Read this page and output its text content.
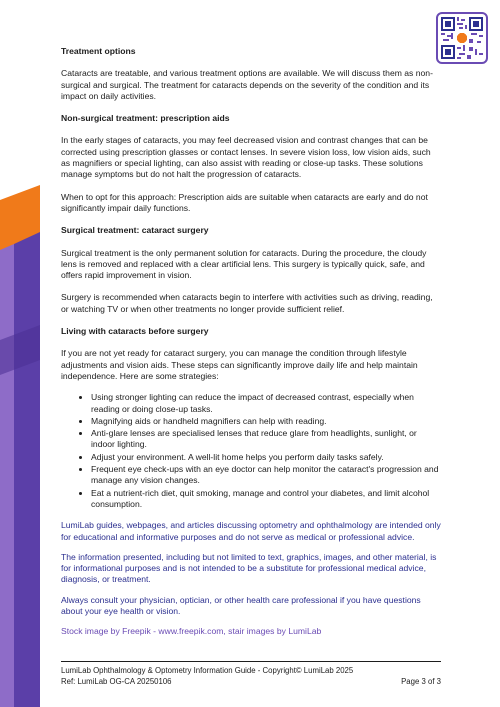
Treatment options
Cataracts are treatable, and various treatment options are available. We will discuss them as non-surgical and surgical. The treatment for cataracts depends on the severity of the condition and its impact on daily activities.
Non-surgical treatment: prescription aids
In the early stages of cataracts, you may feel decreased vision and contrast changes that can be corrected using prescription glasses or contact lenses. In severe vision loss, low vision aids, such as magnifiers or special lighting, can also assist with reading or close-up tasks. These solutions manage symptoms but do not halt the progression of cataracts.
When to opt for this approach: Prescription aids are suitable when cataracts are early and do not significantly impair daily functions.
Surgical treatment: cataract surgery
Surgical treatment is the only permanent solution for cataracts. During the procedure, the cloudy lens is removed and replaced with a clear artificial lens. This surgery is typically quick, safe, and offers rapid improvement in vision.
Surgery is recommended when cataracts begin to interfere with activities such as driving, reading, or watching TV or when other treatments no longer provide sufficient relief.
Living with cataracts before surgery
If you are not yet ready for cataract surgery, you can manage the condition through lifestyle adjustments and vision aids. These steps can significantly improve daily life and help maintain independence. Here are some strategies:
• Using stronger lighting can reduce the impact of decreased contrast, especially when reading or doing close-up tasks.
• Magnifying aids or handheld magnifiers can help with reading.
• Anti-glare lenses are specialised lenses that reduce glare from headlights, sunlight, or indoor lighting.
• Adjust your environment. A well-lit home helps you perform daily tasks safely.
• Frequent eye check-ups with an eye doctor can help monitor the cataract's progression and manage any vision changes.
• Eat a nutrient-rich diet, quit smoking, manage and control your diabetes, and limit alcohol consumption.
LumiLab guides, webpages, and articles discussing optometry and ophthalmology are intended only for educational and informative purposes and do not serve as medical or professional advice.
The information presented, including but not limited to text, graphics, images, and other material, is for informational purposes and is not intended to be a substitute for professional medical advice, diagnosis, or treatment.
Always consult your physician, optician, or other health care professional if you have questions about your eye health or vision.
Stock image by Freepik - www.freepik.com, stair images by LumiLab
LumiLab Ophthalmology & Optometry Information Guide - Copyright© LumiLab 2025
Ref: LumiLab OG-CA 20250106	Page 3 of 3
